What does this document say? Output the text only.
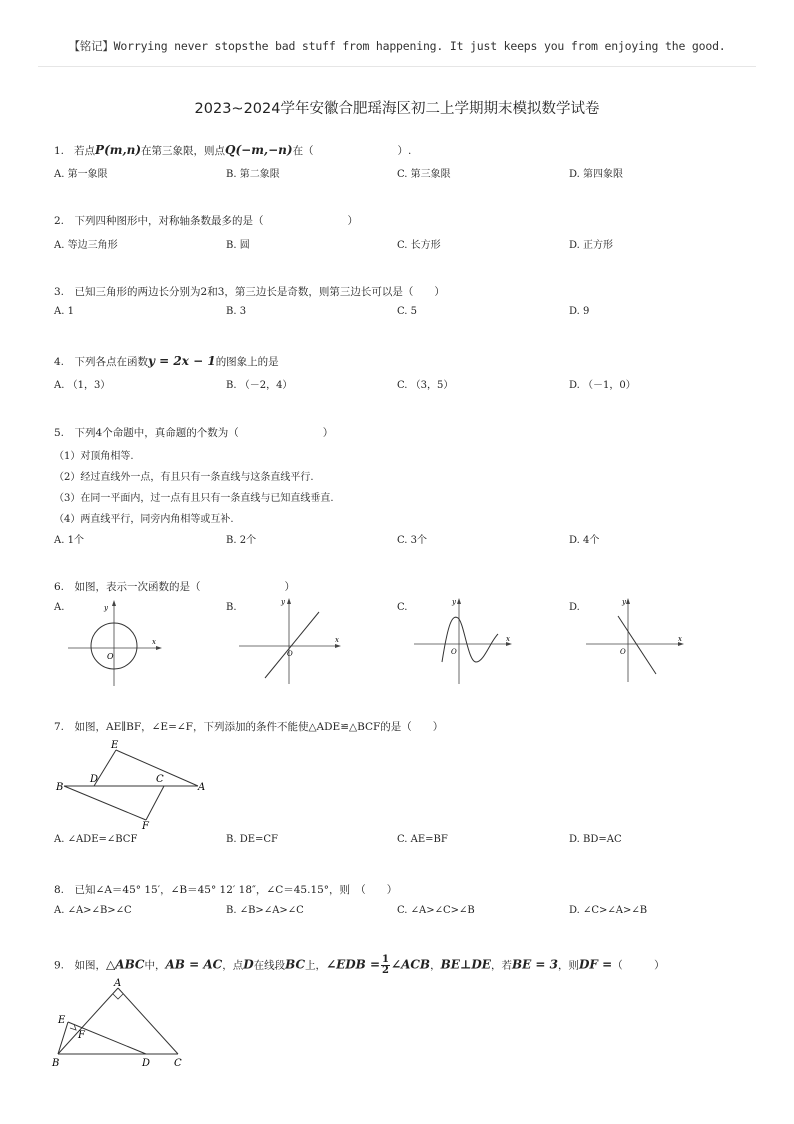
【铭记】Worrying never stopsthe bad stuff from happening. It just keeps you from enjoying the good.
2023~2024学年安徽合肥瑶海区初二上学期期末模拟数学试卷
1. 若点P(m,n)在第三象限，则点Q(−m,−n)在（　　　　　　　　）.
A. 第一象限	B. 第二象限	C. 第三象限	D. 第四象限
2.　下列四种图形中，对称轴条数最多的是（　　　　　　　　）
A. 等边三角形	B. 圆	C. 长方形	D. 正方形
3.　已知三角形的两边长分别为2和3，第三边长是奇数，则第三边长可以是（　　）
A. 1	B. 3	C. 5	D. 9
4.　下列各点在函数y = 2x − 1的图象上的是
A. （1，3）	B. （－2，4）	C. （3，5）	D. （－1，0）
5.　下列4个命题中，真命题的个数为（　　　　　　　　）
（1）对顶角相等.
（2）经过直线外一点，有且只有一条直线与这条直线平行.
（3）在同一平面内，过一点有且只有一条直线与已知直线垂直.
（4）两直线平行，同旁内角相等或互补.
A. 1个	B. 2个	C. 3个	D. 4个
6.　如图，表示一次函数的是（　　　　　　　　）
A.	B.	C.	D.
y
x
O
y
x
O
y
x
O
y
x
O
7.　如图，AE∥BF，∠E=∠F，下列添加的条件不能使△ADE≌△BCF的是（　　）
E
D	C
B	A
F
A. ∠ADE=∠BCF	B. DE=CF	C. AE=BF	D. BD=AC
8.　已知∠A＝45° 15′，∠B＝45° 12′ 18″，∠C＝45.15°，则　（　　）
A. ∠A>∠B>∠C	B. ∠B>∠A>∠C	C. ∠A>∠C>∠B	D. ∠C>∠A>∠B
9.　如图，△ABC中，AB = AC，点D在线段BC上，∠EDB = $\frac{1}{2}$ ∠ACB，BE⊥DE，若BE = 3，则DF =（　　　）
A
E
F
B	D C
